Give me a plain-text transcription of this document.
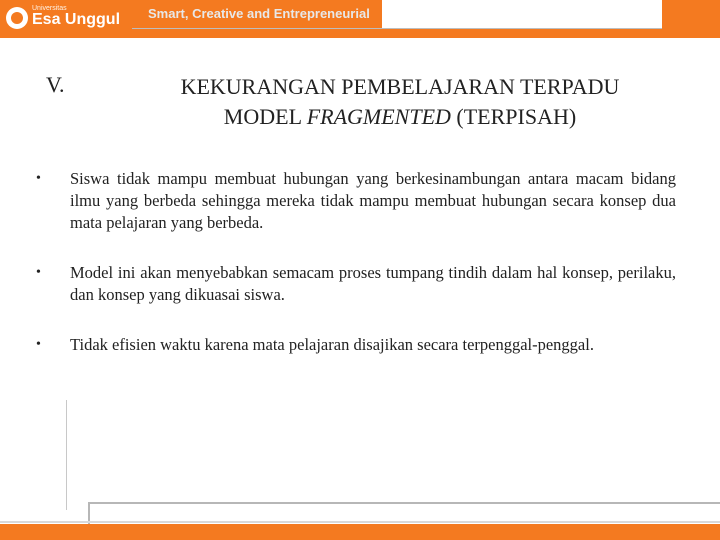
Universitas
Esa Unggul	Smart, Creative and Entrepreneurial
V.	KEKURANGAN PEMBELAJARAN TERPADU
MODEL FRAGMENTED (TERPISAH)
• Siswa tidak mampu membuat hubungan yang berkesinambungan antara macam bidang ilmu yang berbeda sehingga mereka tidak mampu membuat hubungan secara konsep dua mata pelajaran yang berbeda.
• Model ini akan menyebabkan semacam proses tumpang tindih dalam hal konsep, perilaku, dan konsep yang dikuasai siswa.
• Tidak efisien waktu karena mata pelajaran disajikan secara terpenggal-penggal.
